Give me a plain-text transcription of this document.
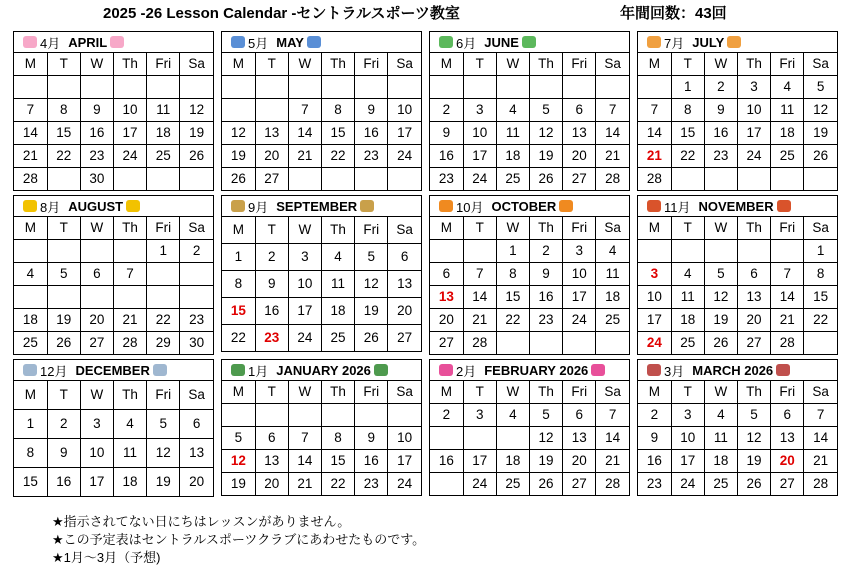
2025 -26 Lesson Calendar -セントラルスポーツ教室	年間回数：43回
4月 APRIL
M	T	W	Th	Fri	Sa

7	8	9	10	11	12
14	15	16	17	18	19
21	22	23	24	25	26
28		30			
5月 MAY
M	T	W	Th	Fri	Sa

		7	8	9	10
12	13	14	15	16	17
19	20	21	22	23	24
26	27				
6月 JUNE
M	T	W	Th	Fri	Sa

2	3	4	5	6	7
9	10	11	12	13	14
16	17	18	19	20	21
23	24	25	26	27	28
7月 JULY
M	T	W	Th	Fri	Sa
	1	2	3	4	5
7	8	9	10	11	12
14	15	16	17	18	19
21	22	23	24	25	26
28					
8月 AUGUST
M	T	W	Th	Fri	Sa
				1	2
4	5	6	7		

18	19	20	21	22	23
25	26	27	28	29	30
9月 SEPTEMBER
M	T	W	Th	Fri	Sa
1	2	3	4	5	6
8	9	10	11	12	13
15	16	17	18	19	20
22	23	24	25	26	27
10月 OCTOBER
M	T	W	Th	Fri	Sa
		1	2	3	4
6	7	8	9	10	11
13	14	15	16	17	18
20	21	22	23	24	25
27	28				
11月 NOVEMBER
M	T	W	Th	Fri	Sa
					1
3	4	5	6	7	8
10	11	12	13	14	15
17	18	19	20	21	22
24	25	26	27	28	
12月 DECEMBER
M	T	W	Th	Fri	Sa
1	2	3	4	5	6
8	9	10	11	12	13
15	16	17	18	19	20
1月 JANUARY 2026
M	T	W	Th	Fri	Sa

5	6	7	8	9	10
12	13	14	15	16	17
19	20	21	22	23	24
2月 FEBRUARY 2026
M	T	W	Th	Fri	Sa
2	3	4	5	6	7
			12	13	14
16	17	18	19	20	21
	24	25	26	27	28
3月 MARCH 2026
M	T	W	Th	Fri	Sa
2	3	4	5	6	7
9	10	11	12	13	14
16	17	18	19	20	21
23	24	25	26	27	28
★指示されてない日にちはレッスンがありません。
★この予定表はセントラルスポーツクラブにあわせたものです。
★1月～3月（予想)
